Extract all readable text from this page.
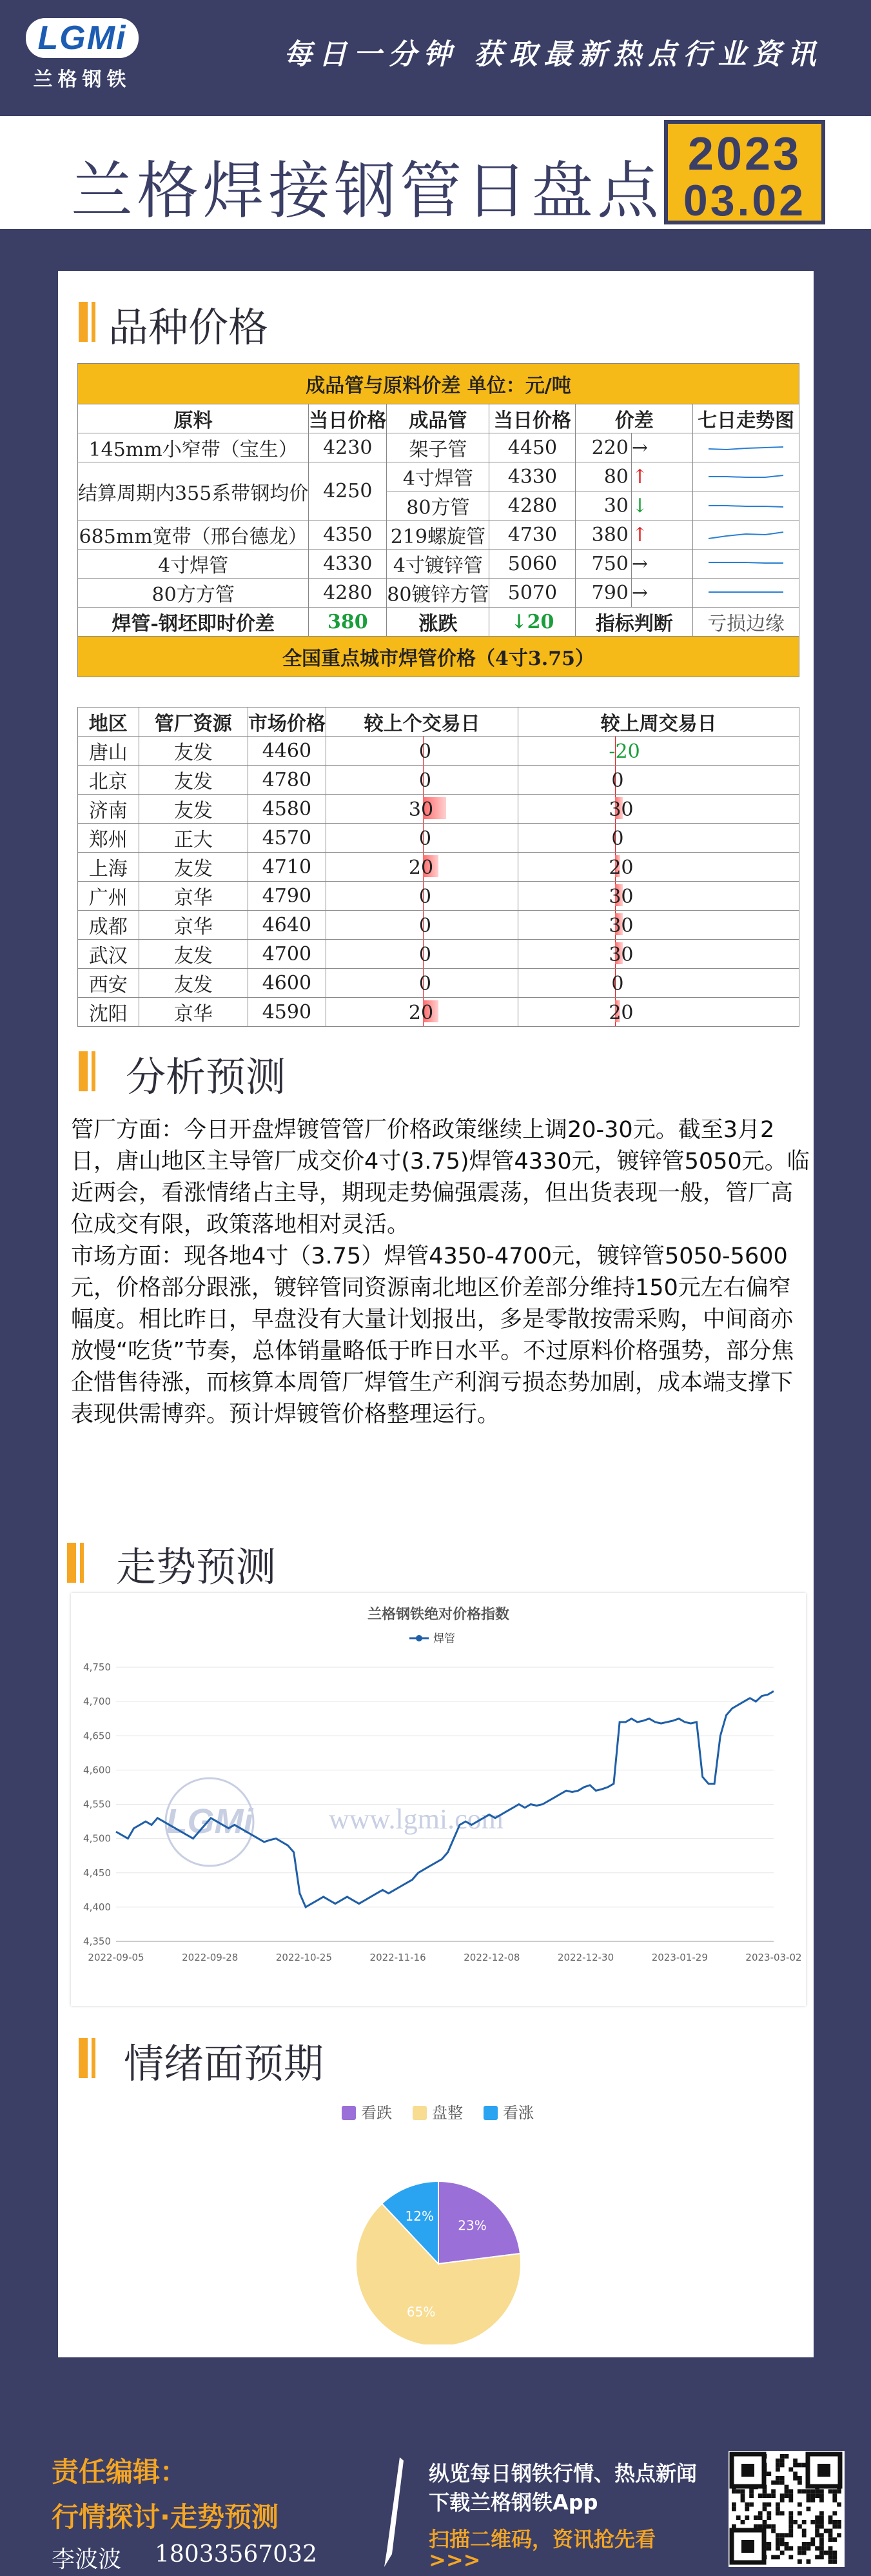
LGMi
兰格钢铁
每日一分钟 获取最新热点行业资讯
兰格焊接钢管日盘点
2023
03.02
品种价格
成品管与原料价差 单位：元/吨						
原料	当日价格	成品管	当日价格	价差		七日走势图
145mm小窄带（宝生）	4230	架子管	4450	220	→	
结算周期内355系带钢均价	4250	4寸焊管	4330	80	↑	
		80方管	4280	30	↓	
685mm宽带（邢台德龙）	4350	219螺旋管	4730	380	↑	
4寸焊管	4330	4寸镀锌管	5060	750	→	
80方方管	4280	80镀锌方管	5070	790	→	
焊管-钢坯即时价差	380	涨跌	↓20	指标判断		亏损边缘
全国重点城市焊管价格（4寸3.75）						
地区	管厂资源	市场价格	较上个交易日	较上周交易日
唐山	友发	4460	0	-20

北京	友发	4780	0	0

济南	友发	4580	30	30

郑州	正大	4570	0	0

上海	友发	4710	20	20

广州	京华	4790	0	30

成都	京华	4640	0	30

武汉	友发	4700	0	30

西安	友发	4600	0	0

沈阳	京华	4590	20	20
分析预测

管厂方面：今日开盘焊镀管管厂价格政策继续上调20-30元。截至3月2日，唐山地区主导管厂成交价4寸(3.75)焊管4330元，镀锌管5050元。临近两会，看涨情绪占主导，期现走势偏强震荡，但出货表现一般，管厂高位成交有限，政策落地相对灵活。

市场方面：现各地4寸（3.75）焊管4350-4700元，镀锌管5050-5600元，价格部分跟涨，镀锌管同资源南北地区价差部分维持150元左右偏窄幅度。相比昨日，早盘没有大量计划报出，多是零散按需采购，中间商亦放慢“吃货”节奏，总体销量略低于昨日水平。不过原料价格强势，部分焦企惜售待涨，而核算本周管厂焊管生产利润亏损态势加剧，成本端支撑下表现供需博弈。预计焊镀管价格整理运行。

走势预测
兰格钢铁绝对价格指数
焊管
4,750
4,700
4,650
4,600
4,550
4,500
4,450
4,400
4,350
LGMi	www.lgmi.com
2022-09-05	2022-09-28	2022-10-25	2022-11-16	2022-12-08	2022-12-30	2023-01-29	2023-03-02
情绪面预期
看跌	盘整	看涨
23%
65%
12%
责任编辑：
行情探讨·走势预测
李波波 18033567032
纵览每日钢铁行情、热点新闻
下载兰格钢铁App
扫描二维码，资讯抢先看
>>>
